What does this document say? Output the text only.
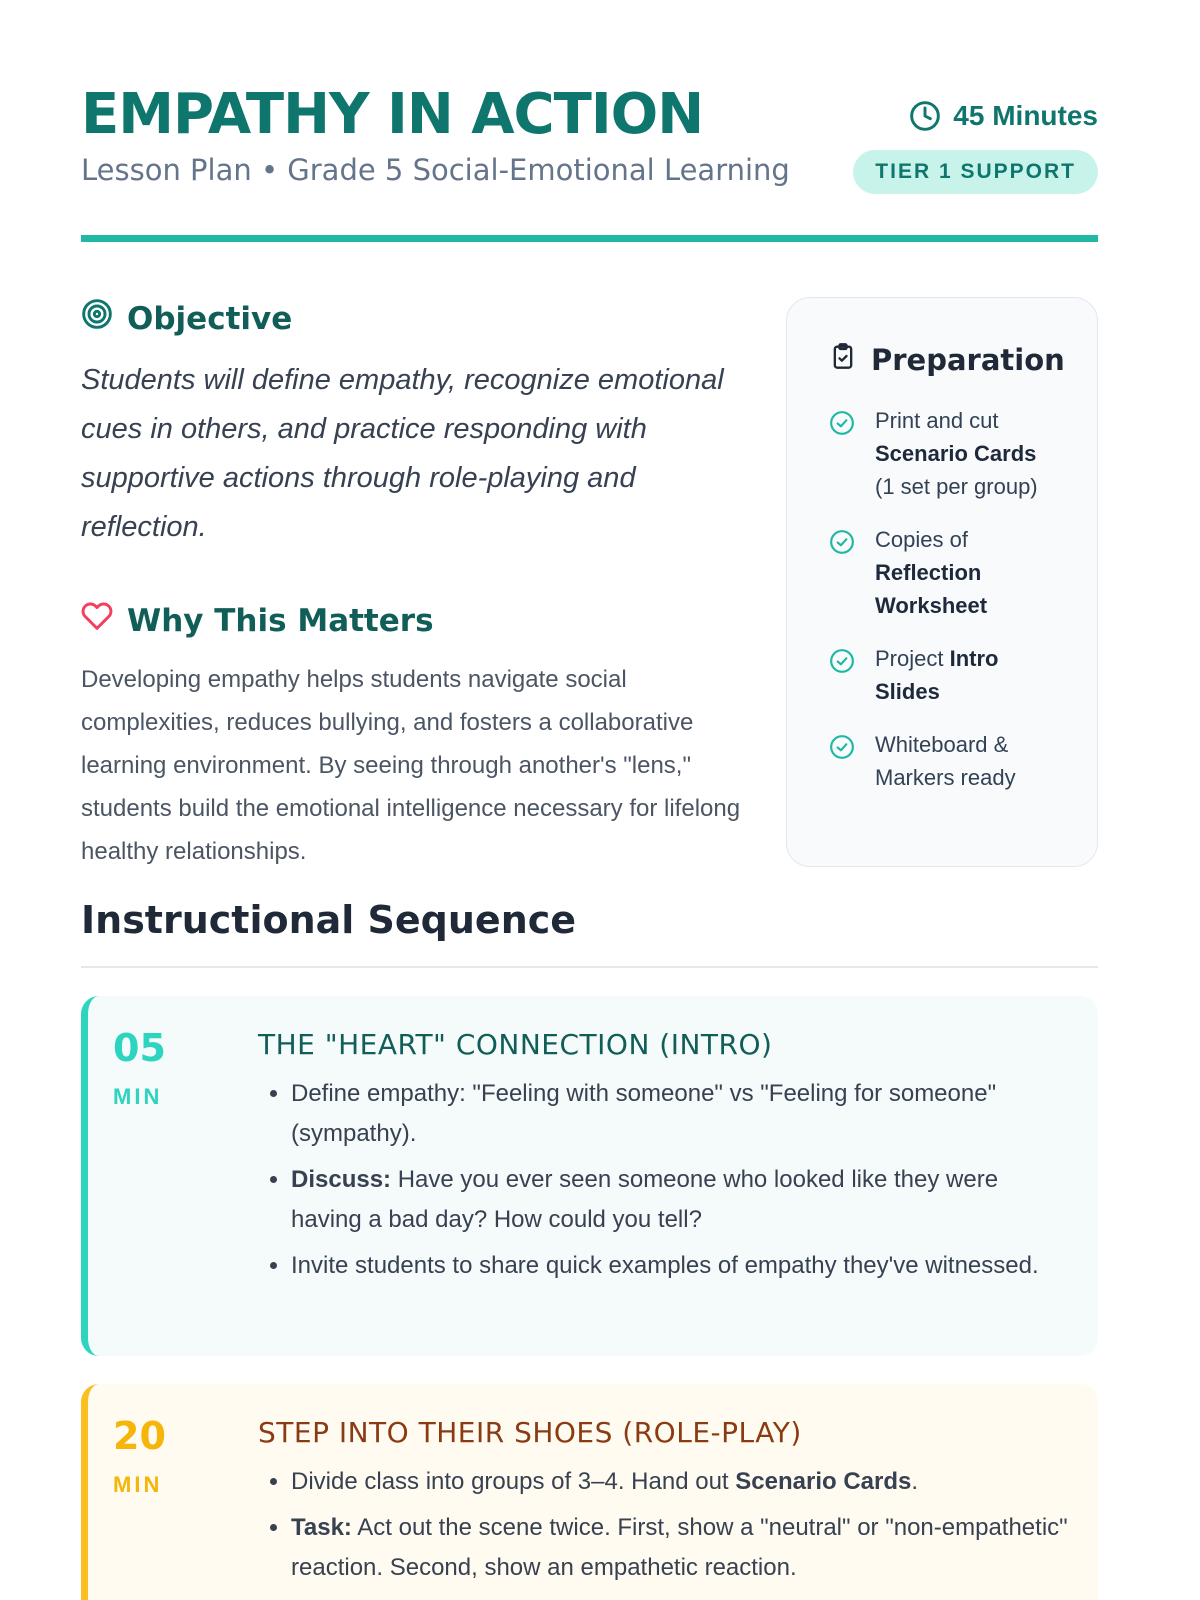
EMPATHY IN ACTION
Lesson Plan • Grade 5 Social-Emotional Learning
45 Minutes
TIER 1 SUPPORT
Objective

Students will define empathy, recognize emotional cues in others, and practice responding with supportive actions through role-playing and reflection.

Why This Matters

Developing empathy helps students navigate social complexities, reduces bullying, and fosters a collaborative learning environment. By seeing through another's "lens," students build the emotional intelligence necessary for lifelong healthy relationships.

Preparation
Print and cut
Scenario Cards
(1 set per group)
Copies of
Reflection Worksheet
Project Intro Slides
Whiteboard & Markers ready
Instructional Sequence
05
MIN
THE "HEART" CONNECTION (INTRO)
• Define empathy: "Feeling with someone" vs "Feeling for someone" (sympathy).
• Discuss: Have you ever seen someone who looked like they were having a bad day? How could you tell?
• Invite students to share quick examples of empathy they've witnessed.
20
MIN
STEP INTO THEIR SHOES (ROLE-PLAY)
• Divide class into groups of 3–4. Hand out Scenario Cards.
• Task: Act out the scene twice. First, show a "neutral" or "non-empathetic" reaction. Second, show an empathetic reaction.
